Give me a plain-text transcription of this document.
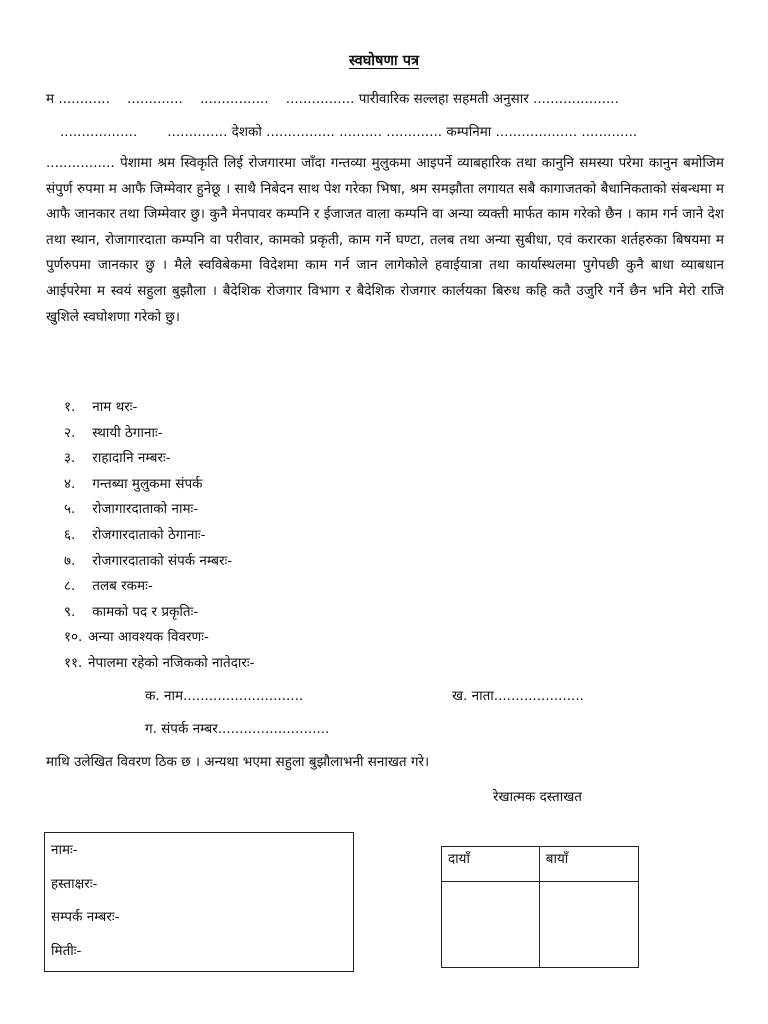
स्वघोषणा पत्र
म ............    .............    ................    ................ पारीवारिक सल्लहा सहमती अनुसार ....................
..................       .............. देशको ................ .......... ............. कम्पनिमा ................... .............
................ पेशामा श्रम स्विकृति लिई रोजगारमा जाँदा गन्तव्या मुलुकमा आइपर्ने व्याबहारिक तथा कानुनि समस्या परेमा कानुन बमोजिम संपुर्ण रुपमा म आफै जिम्मेवार हुनेछू । साथै निबेदन साथ पेश गरेका भिषा, श्रम समझौता लगायत सबै कागाजतको बैधानिकताको संबन्धमा म आफै जानकार तथा जिम्मेवार छु। कुनै मेनपावर कम्पनि र ईजाजत वाला कम्पनि वा अन्या व्यक्ती मार्फत काम गरेको छैन । काम गर्न जाने देश तथा स्थान, रोजागारदाता कम्पनि वा परीवार, कामको प्रकृती, काम गर्ने घण्टा, तलब तथा अन्या सुबीधा, एवं करारका शर्तहरुका बिषयमा म पुर्णरुपमा जानकार छु । मैले स्वविबेकमा विदेशमा काम गर्न जान लागेकोले हवाईयात्रा तथा कार्यास्थलमा पुगेपछी कुनै बाधा व्याबधान आईपरेमा म स्वयं सहुला बुझौला । बैदेशिक रोजगार विभाग र बैदेशिक रोजगार कार्लयका बिरुध कहि कतै उजुरि गर्ने छैन भनि मेरो राजि खुशिले स्वघोशणा गरेको छु।
१. नाम थरः-
२. स्थायी ठेगानाः-
३. राहादानि नम्बरः-
४. गन्तब्या मुलुकमा संपर्क
५. रोजागारदाताको नामः-
६. रोजगारदाताको ठेगानाः-
७. रोजगारदाताको संपर्क नम्बरः-
८. तलब रकमः-
९. कामको पद र प्रकृतिः-
१०. अन्या आवश्यक विवरणः-
११. नेपालमा रहेको नजिकको नातेदारः-
क. नाम............................	ख. नाता.....................
ग. संपर्क नम्बर..........................
माथि उलेखित विवरण ठिक छ । अन्यथा भएमा सहुला बुझौलाभनी सनाखत गरे।
रेखात्मक दस्ताखत
नामः-
हस्ताक्षरः-
सम्पर्क नम्बरः-
मितीः-
दायाँ	बायाँ
